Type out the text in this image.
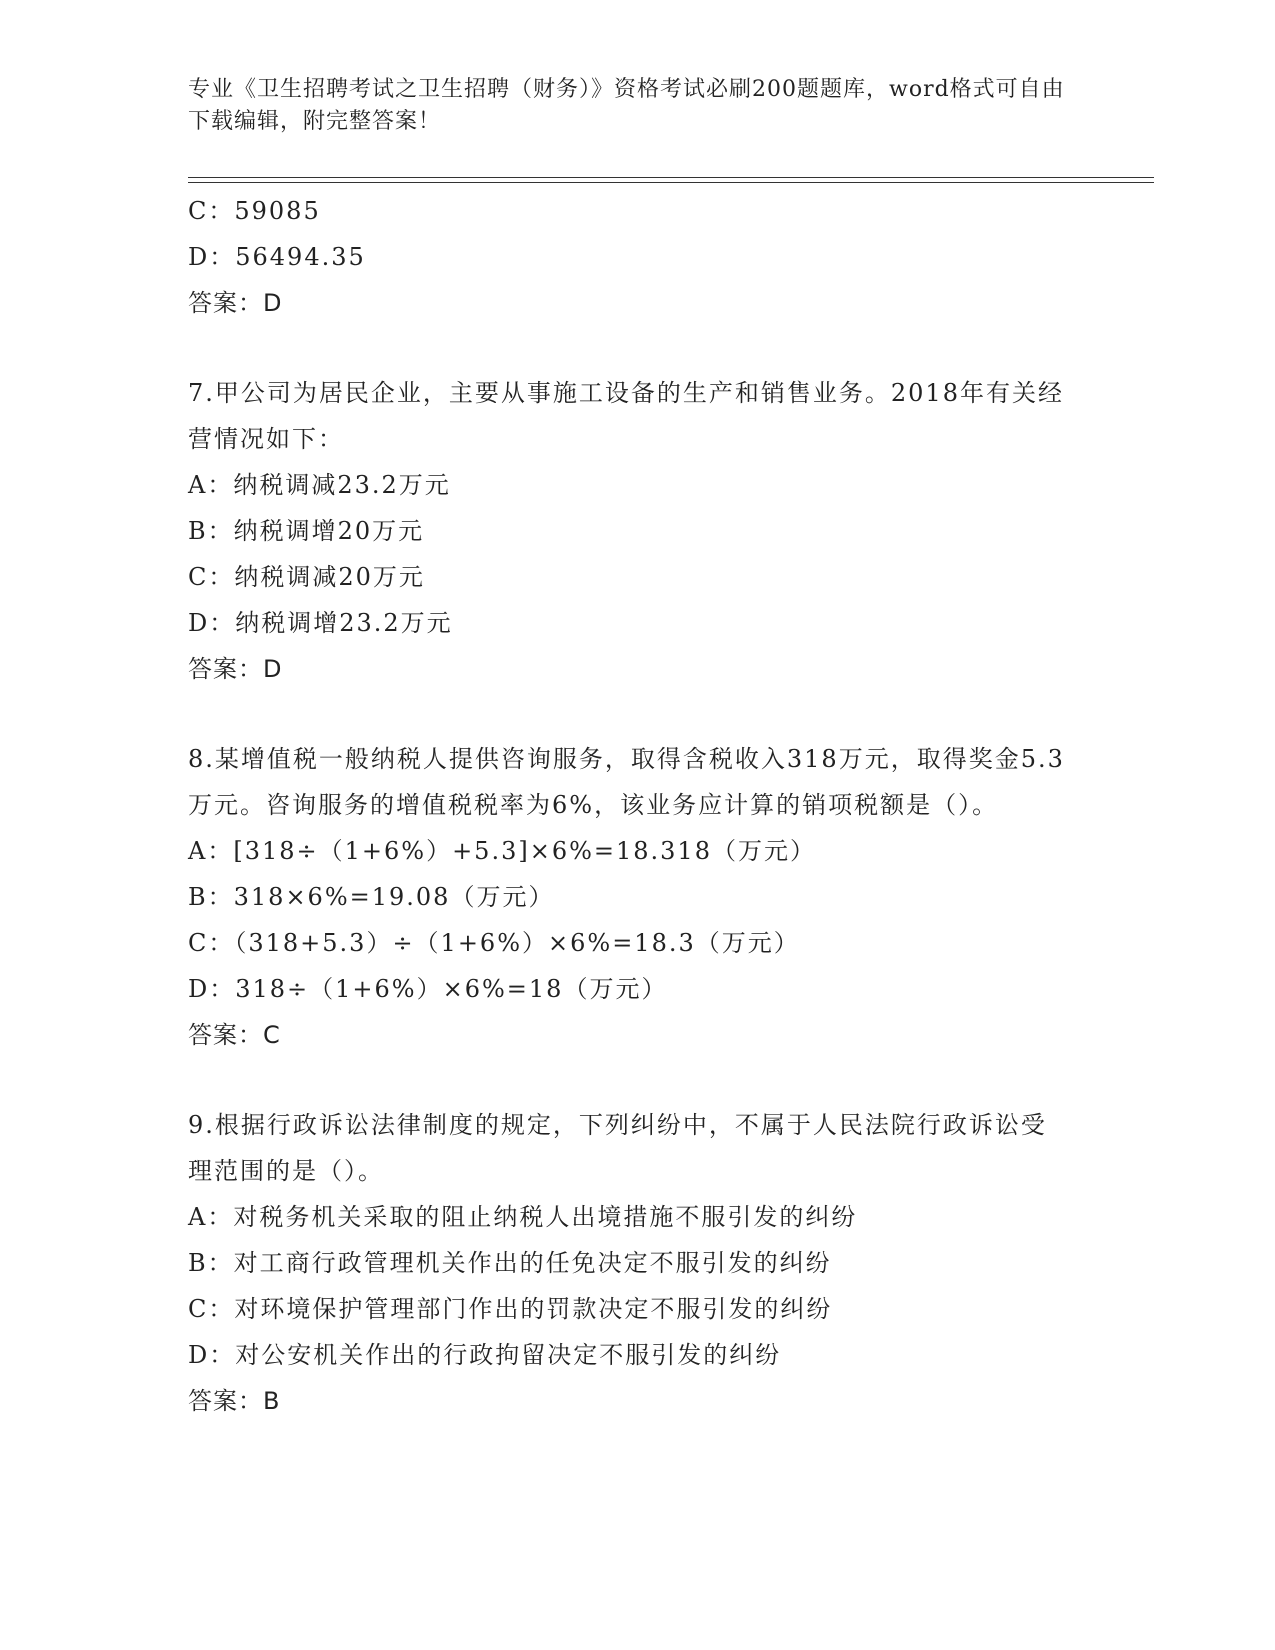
专业《卫生招聘考试之卫生招聘（财务）》资格考试必刷200题题库，word格式可自由下载编辑，附完整答案！
C：59085
D：56494.35
答案：D
7.甲公司为居民企业，主要从事施工设备的生产和销售业务。2018年有关经营情况如下：
A：纳税调减23.2万元
B：纳税调增20万元
C：纳税调减20万元
D：纳税调增23.2万元
答案：D
8.某增值税一般纳税人提供咨询服务，取得含税收入318万元，取得奖金5.3万元。咨询服务的增值税税率为6%，该业务应计算的销项税额是（）。
A：[318÷（1+6%）+5.3]×6%=18.318（万元）
B：318×6%=19.08（万元）
C：（318+5.3）÷（1+6%）×6%=18.3（万元）
D：318÷（1+6%）×6%=18（万元）
答案：C
9.根据行政诉讼法律制度的规定，下列纠纷中，不属于人民法院行政诉讼受理范围的是（）。
A：对税务机关采取的阻止纳税人出境措施不服引发的纠纷
B：对工商行政管理机关作出的任免决定不服引发的纠纷
C：对环境保护管理部门作出的罚款决定不服引发的纠纷
D：对公安机关作出的行政拘留决定不服引发的纠纷
答案：B
